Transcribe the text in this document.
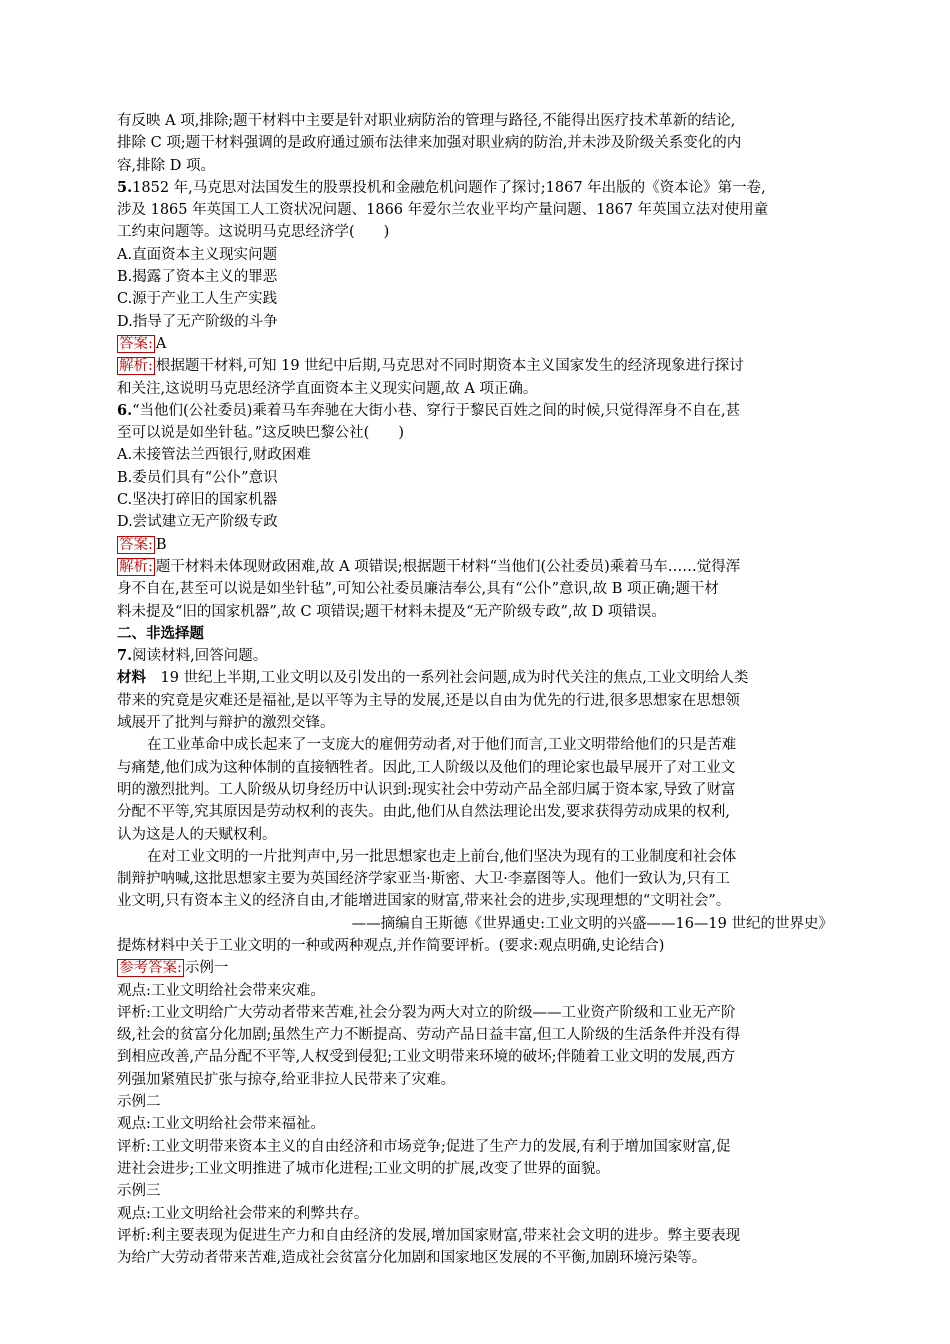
有反映 A 项,排除;题干材料中主要是针对职业病防治的管理与路径,不能得出医疗技术革新的结论,
排除 C 项;题干材料强调的是政府通过颁布法律来加强对职业病的防治,并未涉及阶级关系变化的内
容,排除 D 项。
5.1852 年,马克思对法国发生的股票投机和金融危机问题作了探讨;1867 年出版的《资本论》第一卷,
涉及 1865 年英国工人工资状况问题、1866 年爱尔兰农业平均产量问题、1867 年英国立法对使用童
工约束问题等。这说明马克思经济学(　　)
A.直面资本主义现实问题
B.揭露了资本主义的罪恶
C.源于产业工人生产实践
D.指导了无产阶级的斗争
答案: A
解析: 根据题干材料,可知 19 世纪中后期,马克思对不同时期资本主义国家发生的经济现象进行探讨
和关注,这说明马克思经济学直面资本主义现实问题,故 A 项正确。
6.“当他们(公社委员)乘着马车奔驰在大街小巷、穿行于黎民百姓之间的时候,只觉得浑身不自在,甚
至可以说是如坐针毡。”这反映巴黎公社(　　)
A.未接管法兰西银行,财政困难
B.委员们具有“公仆”意识
C.坚决打碎旧的国家机器
D.尝试建立无产阶级专政
答案: B
解析: 题干材料未体现财政困难,故 A 项错误;根据题干材料“当他们(公社委员)乘着马车……觉得浑
身不自在,甚至可以说是如坐针毡”,可知公社委员廉洁奉公,具有“公仆”意识,故 B 项正确;题干材
料未提及“旧的国家机器”,故 C 项错误;题干材料未提及“无产阶级专政”,故 D 项错误。
二、非选择题
7.阅读材料,回答问题。
材料　19 世纪上半期,工业文明以及引发出的一系列社会问题,成为时代关注的焦点,工业文明给人类
带来的究竟是灾难还是福祉,是以平等为主导的发展,还是以自由为优先的行进,很多思想家在思想领
域展开了批判与辩护的激烈交锋。
在工业革命中成长起来了一支庞大的雇佣劳动者,对于他们而言,工业文明带给他们的只是苦难
与痛楚,他们成为这种体制的直接牺牲者。因此,工人阶级以及他们的理论家也最早展开了对工业文
明的激烈批判。工人阶级从切身经历中认识到:现实社会中劳动产品全部归属于资本家,导致了财富
分配不平等,究其原因是劳动权利的丧失。由此,他们从自然法理论出发,要求获得劳动成果的权利,
认为这是人的天赋权利。
在对工业文明的一片批判声中,另一批思想家也走上前台,他们坚决为现有的工业制度和社会体
制辩护呐喊,这批思想家主要为英国经济学家亚当·斯密、大卫·李嘉图等人。他们一致认为,只有工
业文明,只有资本主义的经济自由,才能增进国家的财富,带来社会的进步,实现理想的“文明社会”。
——摘编自王斯德《世界通史:工业文明的兴盛——16—19 世纪的世界史》
提炼材料中关于工业文明的一种或两种观点,并作简要评析。(要求:观点明确,史论结合)
参考答案: 示例一
观点:工业文明给社会带来灾难。
评析:工业文明给广大劳动者带来苦难,社会分裂为两大对立的阶级——工业资产阶级和工业无产阶
级,社会的贫富分化加剧;虽然生产力不断提高、劳动产品日益丰富,但工人阶级的生活条件并没有得
到相应改善,产品分配不平等,人权受到侵犯;工业文明带来环境的破坏;伴随着工业文明的发展,西方
列强加紧殖民扩张与掠夺,给亚非拉人民带来了灾难。
示例二
观点:工业文明给社会带来福祉。
评析:工业文明带来资本主义的自由经济和市场竞争;促进了生产力的发展,有利于增加国家财富,促
进社会进步;工业文明推进了城市化进程;工业文明的扩展,改变了世界的面貌。
示例三
观点:工业文明给社会带来的利弊共存。
评析:利主要表现为促进生产力和自由经济的发展,增加国家财富,带来社会文明的进步。弊主要表现
为给广大劳动者带来苦难,造成社会贫富分化加剧和国家地区发展的不平衡,加剧环境污染等。
